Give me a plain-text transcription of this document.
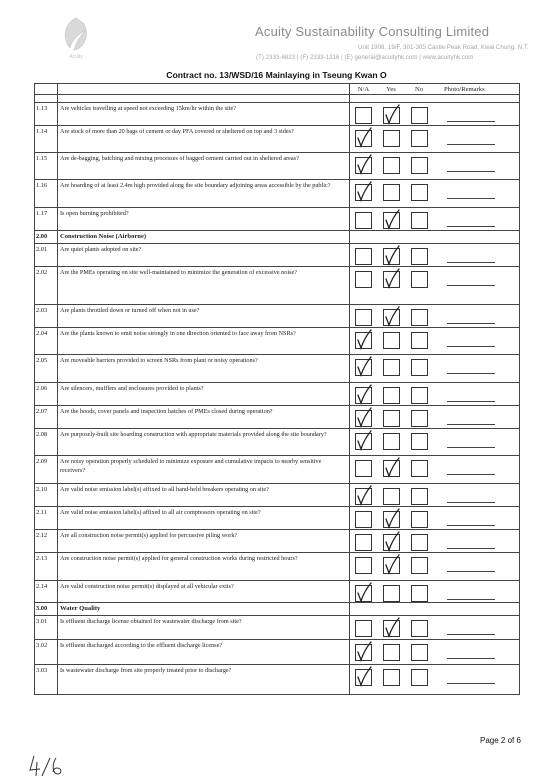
Acuity
Acuity Sustainability Consulting Limited
Unit 1908, 19/F, 301-305 Castle Peak Road, Kwai Chung, N.T.
(T) 2333-6823 | (F) 2333-1316 | (E) general@acuityhk.com | www.acuityhk.com
Contract no. 13/WSD/16 Mainlaying in Tseung Kwan O

		N/A Yes No Photo/Remarks

1.13	Are vehicles travelling at speed not exceeding 15km/hr within the site?	

1.14	Are stock of more than 20 bags of cement or day PFA covered or sheltered on top and 3 sides?	

1.15	Are de-bagging, batching and mixing processes of bagged cement carried out in sheltered areas?	

1.16	Are hoarding of at least 2.4m high provided along the site boundary adjoining areas accessible by the public?	

1.17	Is open burning prohibited?	

2.00	Construction Noise (Airborne)	
2.01	Are quiet plants adopted on site?	

2.02	Are the PMEs operating on site well-maintained to minimize the generation of excessive noise?	

2.03	Are plants throttled down or turned off when not in use?	

2.04	Are the plants known to emit noise strongly in one direction oriented to face away from NSRs?	

2.05	Are moveable barriers provided to screen NSRs from plant or noisy operations?	

2.06	Are silencers, mufflers and enclosures provided to plants?	

2.07	Are the hoods, cover panels and inspection hatches of PMEs closed during operation?	

2.08	Are purposely-built site hoarding construction with appropriate materials provided along the site boundary?	

2.09	Are noisy operation properly scheduled to minimize exposure and cumulative impacts to nearby sensitive receivers?	

2.10	Are valid noise emission label(s) affixed to all hand-held breakers operating on site?	

2.11	Are valid noise emission label(s) affixed to all air compressors operating on site?	

2.12	Are all construction noise permit(s) applied for percussive piling work?	

2.13	Are construction noise permit(s) applied for general construction works during restricted hours?	

2.14	Are valid construction noise permit(s) displayed at all vehicular exits?	

3.00	Water Quality	
3.01	Is effluent discharge license obtained for wastewater discharge from site?	

3.02	Is effluent discharged according to the effluent discharge license?	

3.03	Is wastewater discharge from site properly treated prior to discharge?	
Page 2 of 6
